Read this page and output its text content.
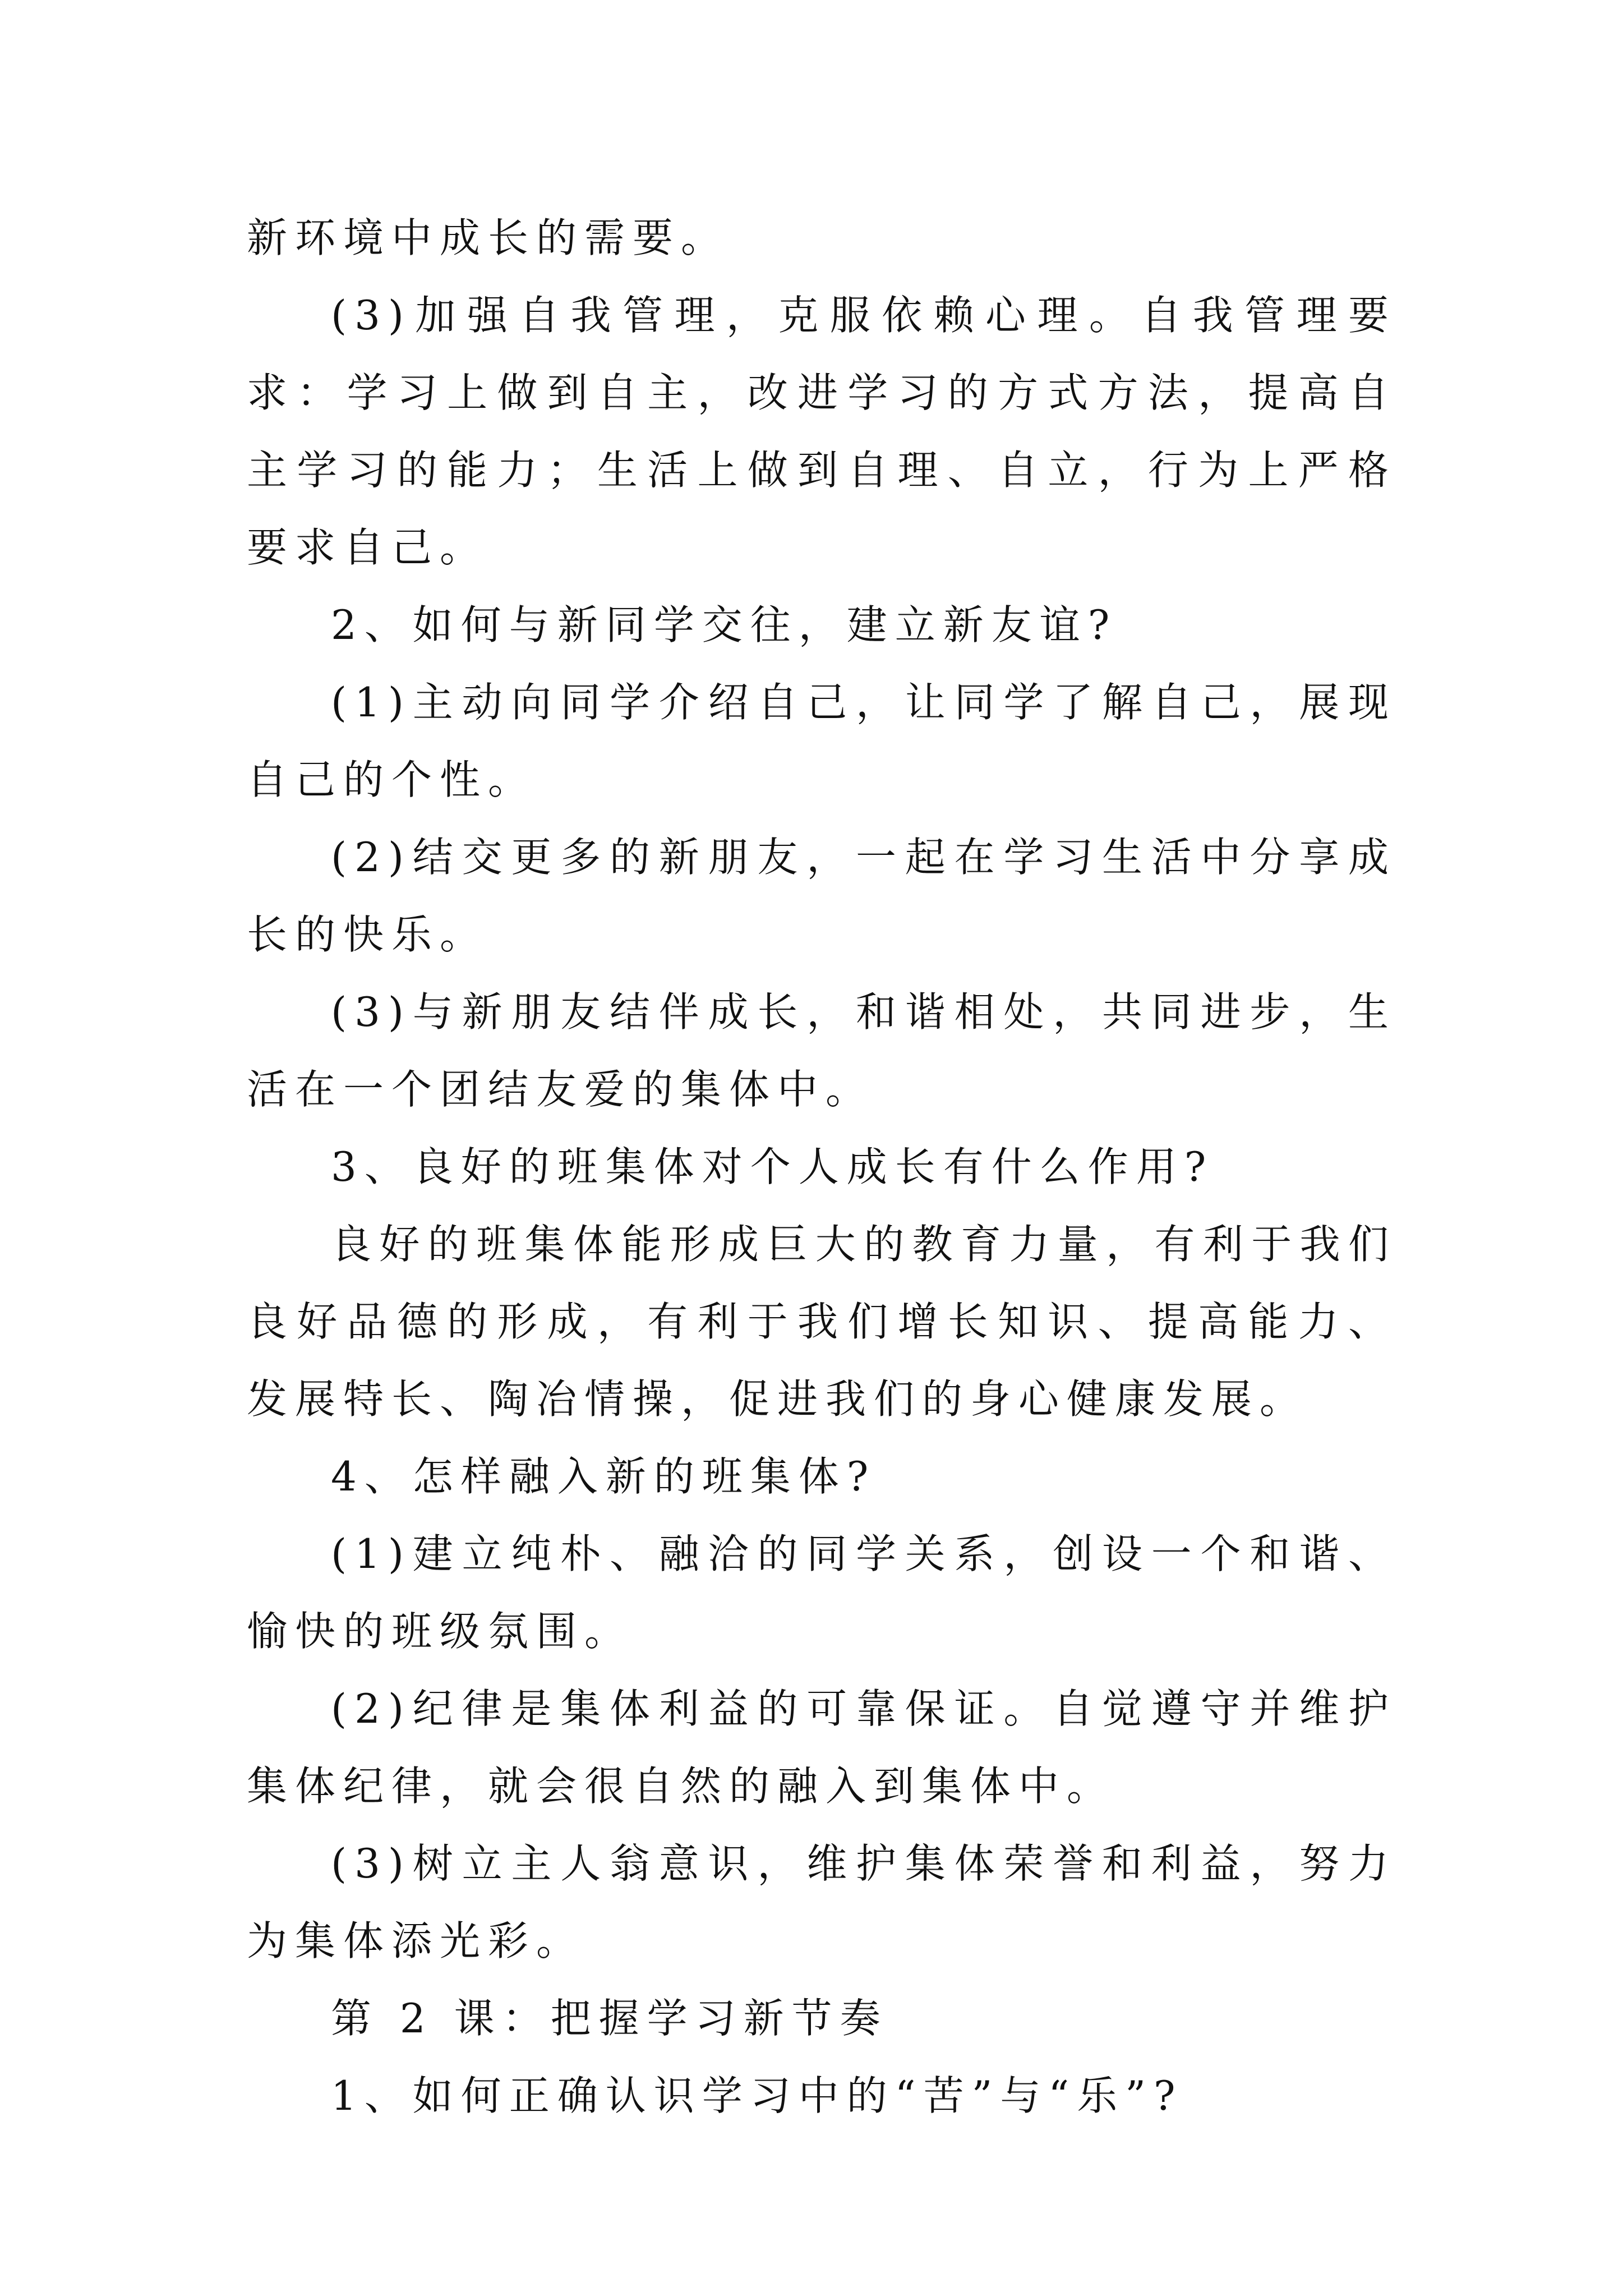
新环境中成长的需要。

(3)加强自我管理，克服依赖心理。自我管理要求：学习上做到自主，改进学习的方式方法，提高自主学习的能力；生活上做到自理、自立，行为上严格要求自己。

2、如何与新同学交往，建立新友谊?

(1)主动向同学介绍自己，让同学了解自己，展现自己的个性。

(2)结交更多的新朋友，一起在学习生活中分享成长的快乐。

(3)与新朋友结伴成长，和谐相处，共同进步，生活在一个团结友爱的集体中。

3、良好的班集体对个人成长有什么作用?

良好的班集体能形成巨大的教育力量，有利于我们良好品德的形成，有利于我们增长知识、提高能力、发展特长、陶冶情操，促进我们的身心健康发展。

4、怎样融入新的班集体?

(1)建立纯朴、融洽的同学关系，创设一个和谐、愉快的班级氛围。

(2)纪律是集体利益的可靠保证。自觉遵守并维护集体纪律，就会很自然的融入到集体中。

(3)树立主人翁意识，维护集体荣誉和利益，努力为集体添光彩。

第 2 课：把握学习新节奏

1、如何正确认识学习中的“苦”与“乐”?
